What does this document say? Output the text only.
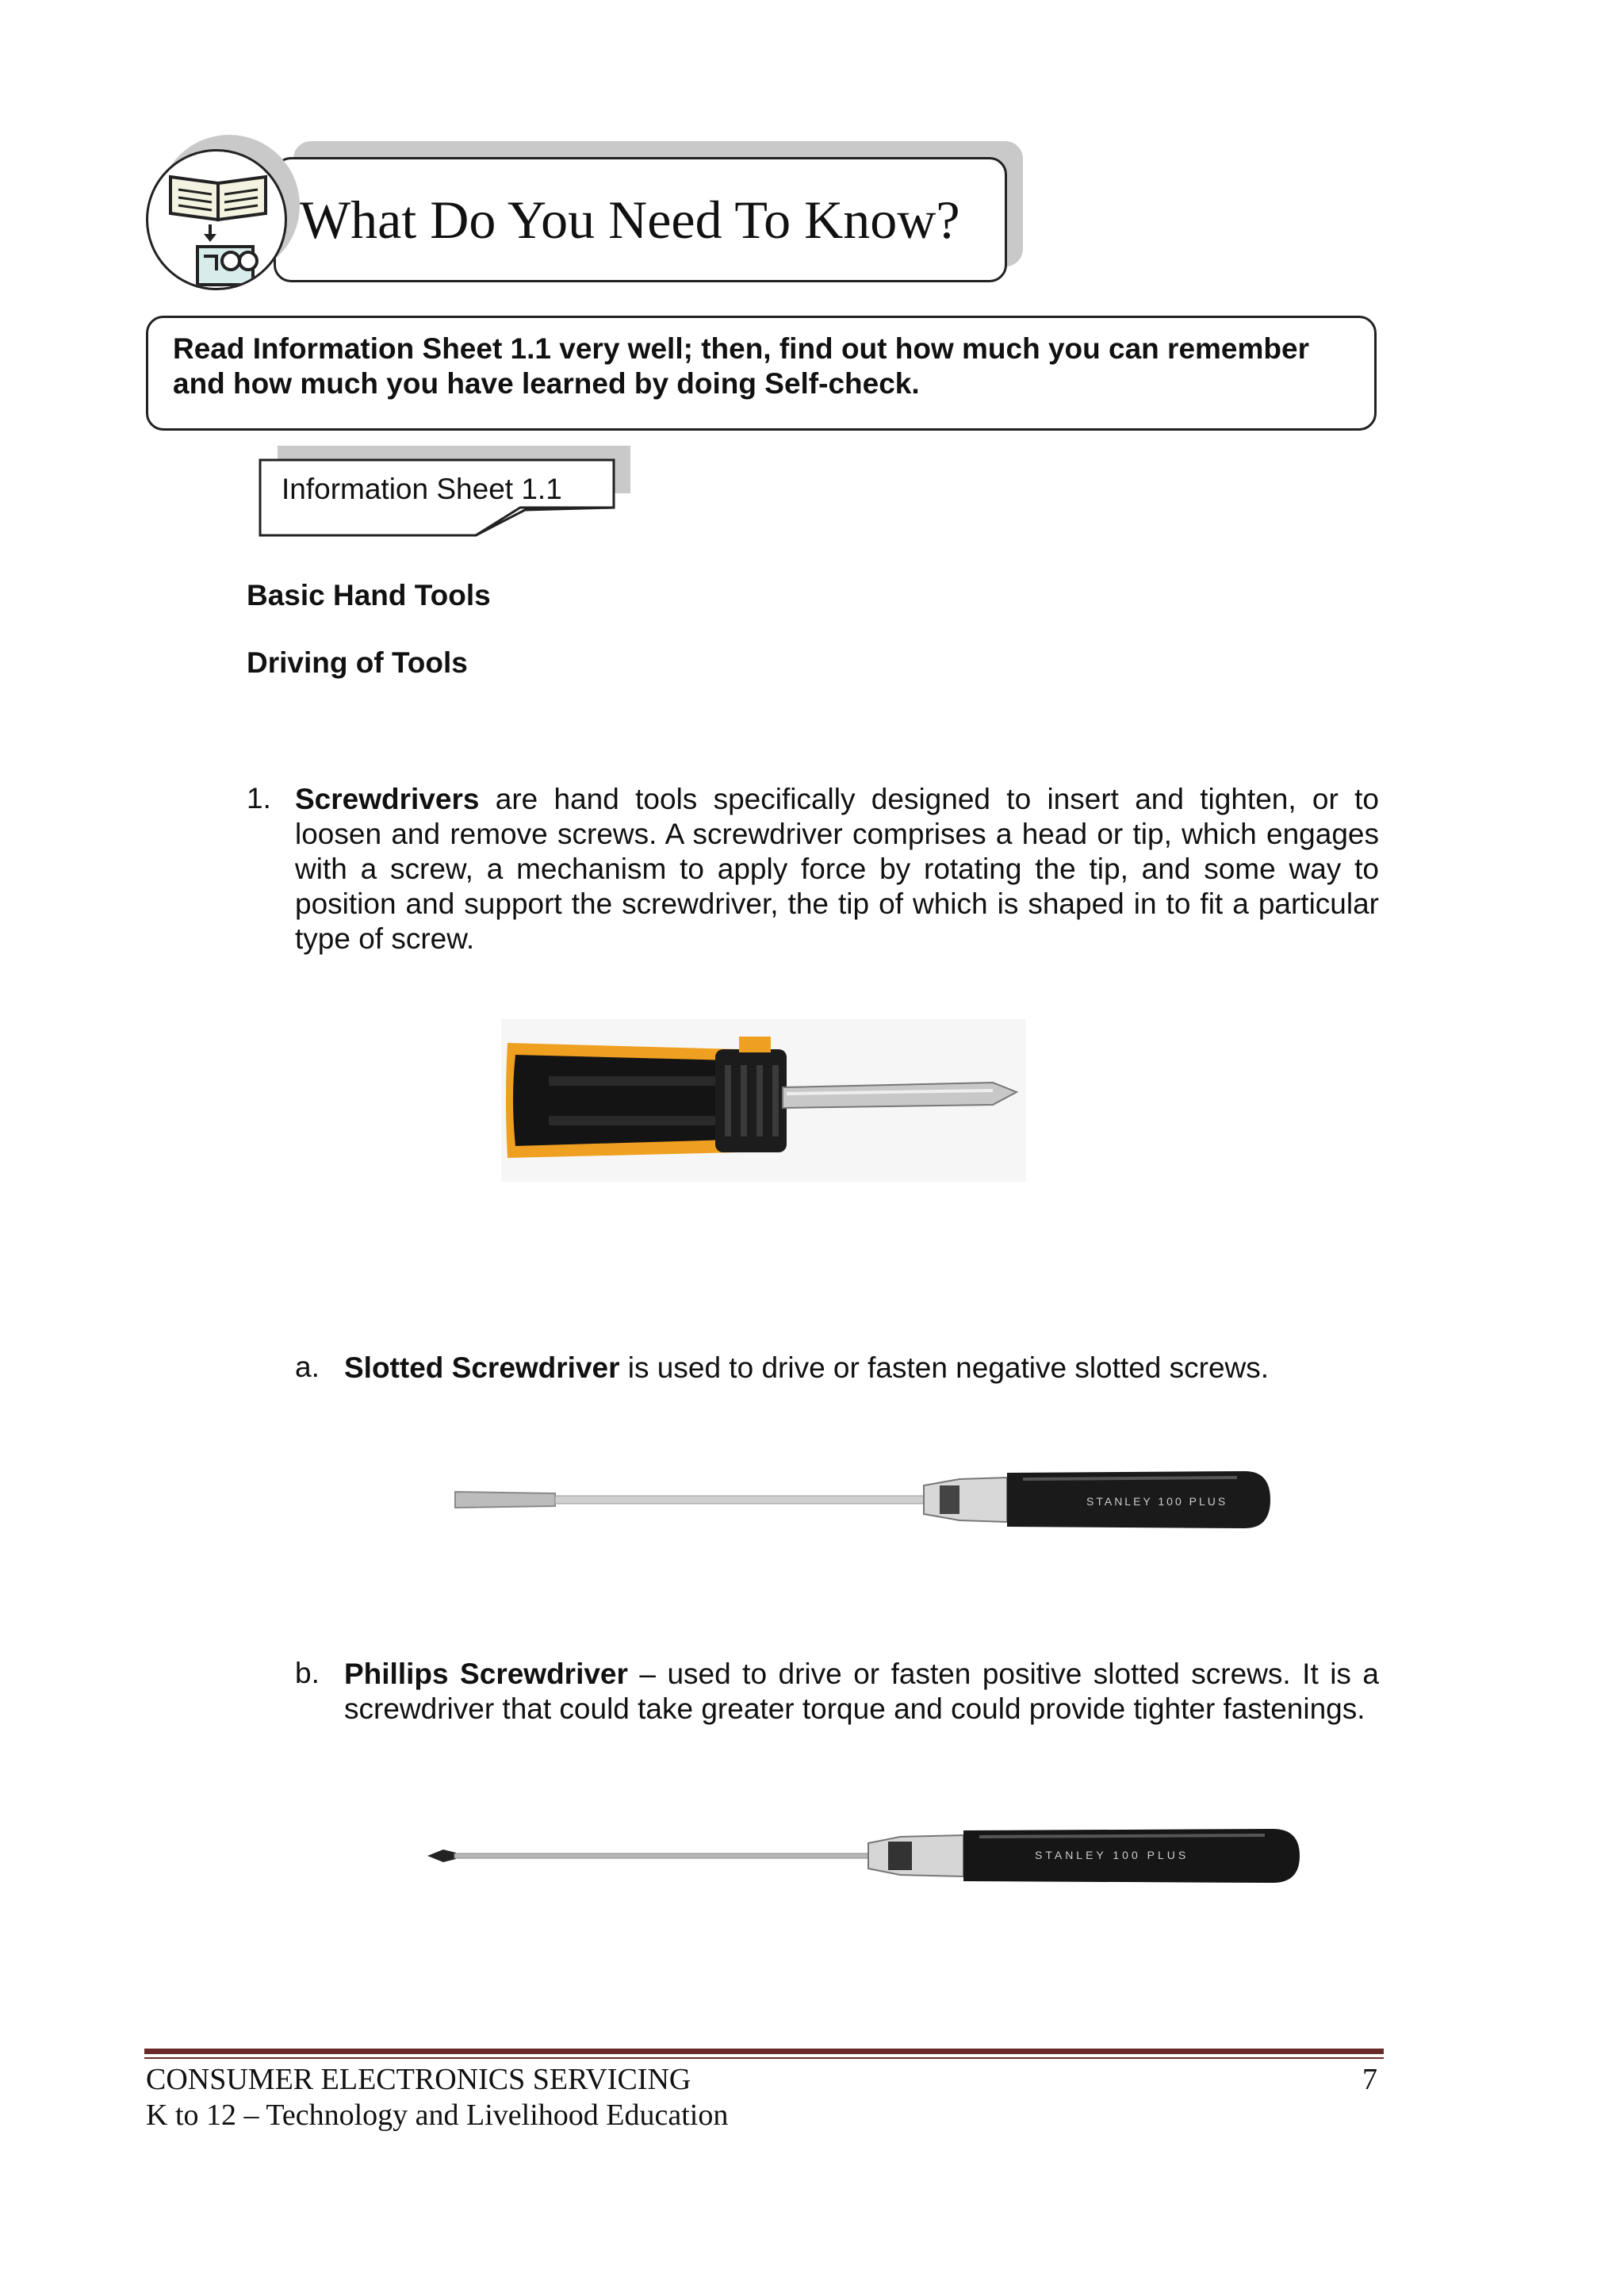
What Do You Need To Know?
Read Information Sheet 1.1 very well; then, find out how much you can remember and how much you have learned by doing Self-check.
Information Sheet 1.1
Basic Hand Tools
Driving of Tools
1. Screwdrivers are hand tools specifically designed to insert and tighten, or to loosen and remove screws. A screwdriver comprises a head or tip, which engages with a screw, a mechanism to apply force by rotating the tip, and some way to position and support the screwdriver, the tip of which is shaped in to fit a particular type of screw.
a. Slotted Screwdriver is used to drive or fasten negative slotted screws.
STANLEY 100 PLUS
b. Phillips Screwdriver – used to drive or fasten positive slotted screws. It is a screwdriver that could take greater torque and could provide tighter fastenings.
STANLEY 100 PLUS
CONSUMER ELECTRONICS SERVICING
K to 12 – Technology and Livelihood Education
7
